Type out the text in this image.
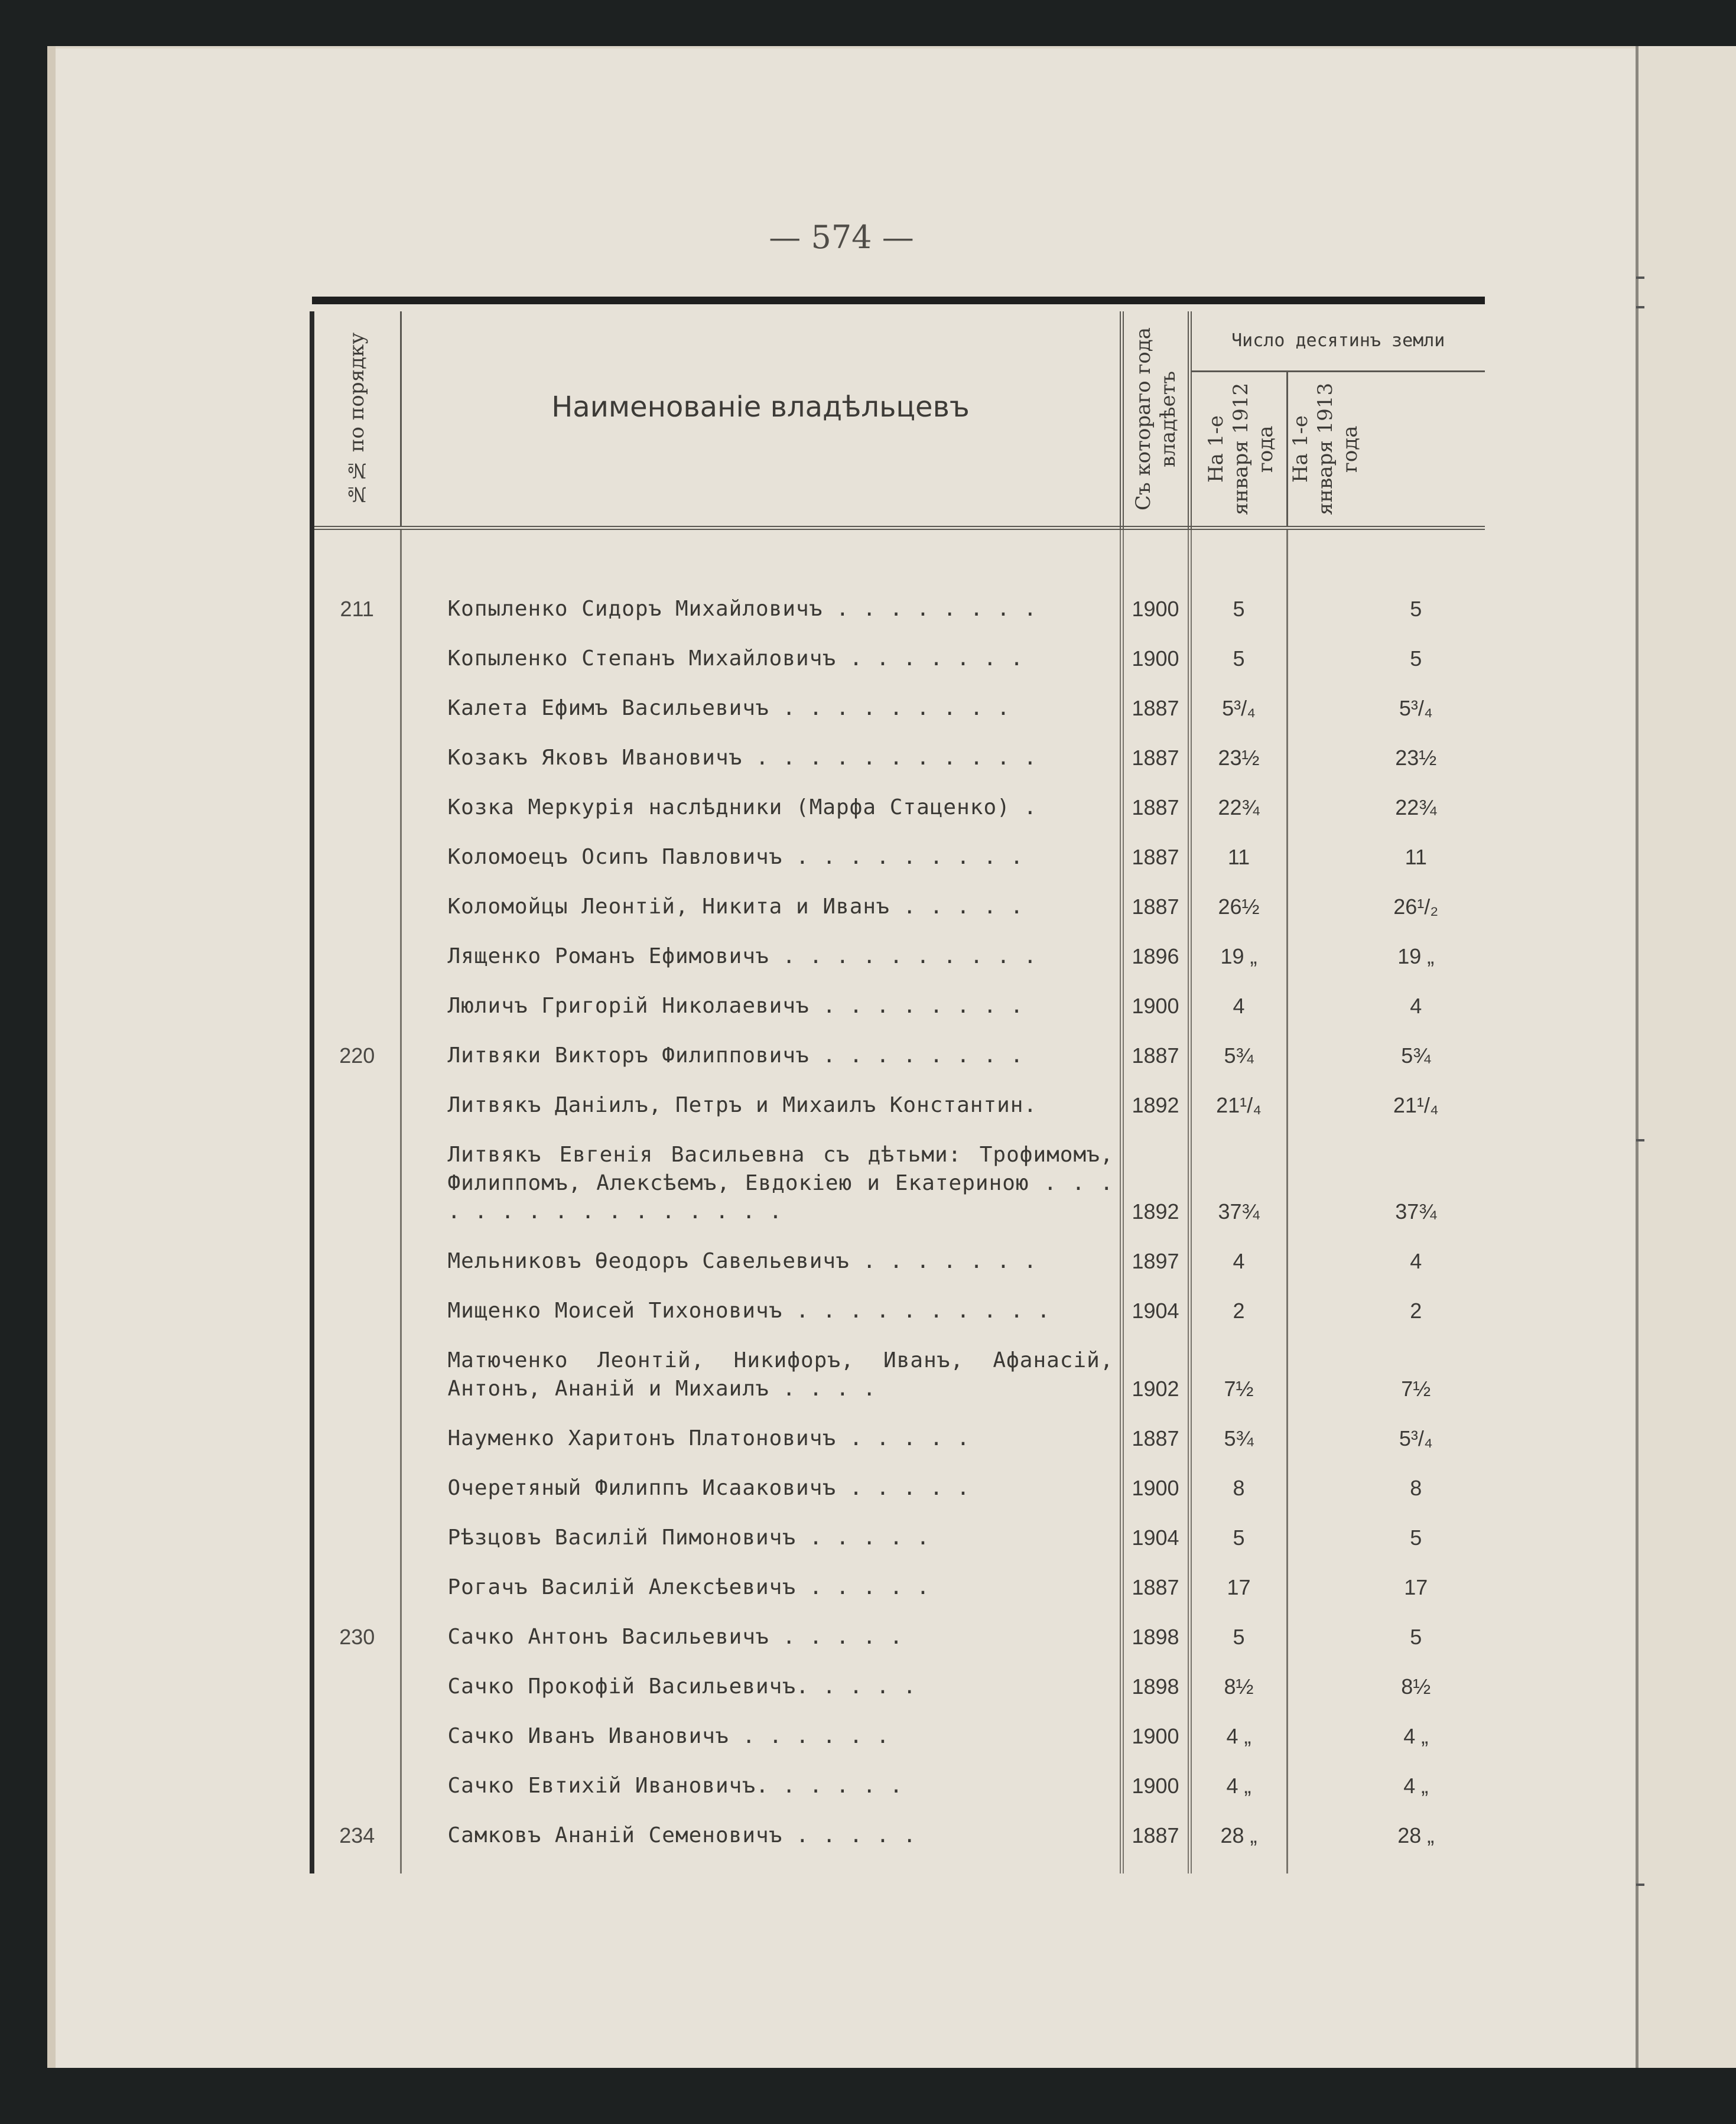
— 574 —

№№ по порядку	Наименованіе владѣльцевъ	Съ котораго года владѣетъ	Число десятинъ земли	

			На 1-е января 1912 года	На 1-е января 1913 года

211	Копыленко Сидоръ Михайловичъ . . . . . . . .	1900	5	5

	Копыленко Степанъ Михайловичъ . . . . . . .	1900	5	5

	Калета Ефимъ Васильевичъ . . . . . . . . .	1887	5³/₄	5³/₄

	Козакъ Яковъ Ивановичъ . . . . . . . . . . .	1887	23½	23½

	Козка Меркурія наслѣдники (Марфа Стаценко) .	1887	22¾	22¾

	Коломоецъ Осипъ Павловичъ . . . . . . . . .	1887	11	11

	Коломойцы Леонтій, Никита и Иванъ . . . . .	1887	26½	26¹/₂

	Лященко Романъ Ефимовичъ . . . . . . . . . .	1896	19 „	19 „

	Люличъ Григорій Николаевичъ . . . . . . . .	1900	4	4
220	Литвяки Викторъ Филипповичъ . . . . . . . .	1887	5¾	5¾

	Литвякъ Даніилъ, Петръ и Михаилъ Константин.	1892	21¹/₄	21¹/₄

	Литвякъ Евгенія Васильевна съ дѣтьми: Трофимомъ, Филиппомъ, Алексѣемъ, Евдокіею и Екатериною . . . . . . . . . . . . . . . .	1892	37¾	37¾

	Мельниковъ Ѳеодоръ Савельевичъ . . . . . . .	1897	4	4

	Мищенко Моисей Тихоновичъ . . . . . . . . . .	1904	2	2

	Матюченко Леонтій, Никифоръ, Иванъ, Афанасій, Антонъ, Ананій и Михаилъ . . . .	1902	7½	7½

	Науменко Харитонъ Платоновичъ . . . . .	1887	5¾	5³/₄

	Очеретяный Филиппъ Исааковичъ . . . . .	1900	8	8

	Рѣзцовъ Василій Пимоновичъ . . . . .	1904	5	5

	Рогачъ Василій Алексѣевичъ . . . . .	1887	17	17
230	Сачко Антонъ Васильевичъ . . . . .	1898	5	5

	Сачко Прокофій Васильевичъ. . . . .	1898	8½	8½

	Сачко Иванъ Ивановичъ . . . . . .	1900	4 „	4 „

	Сачко Евтихій Ивановичъ. . . . . .	1900	4 „	4 „
234	Самковъ Ананій Семеновичъ . . . . .	1887	28 „	28 „
